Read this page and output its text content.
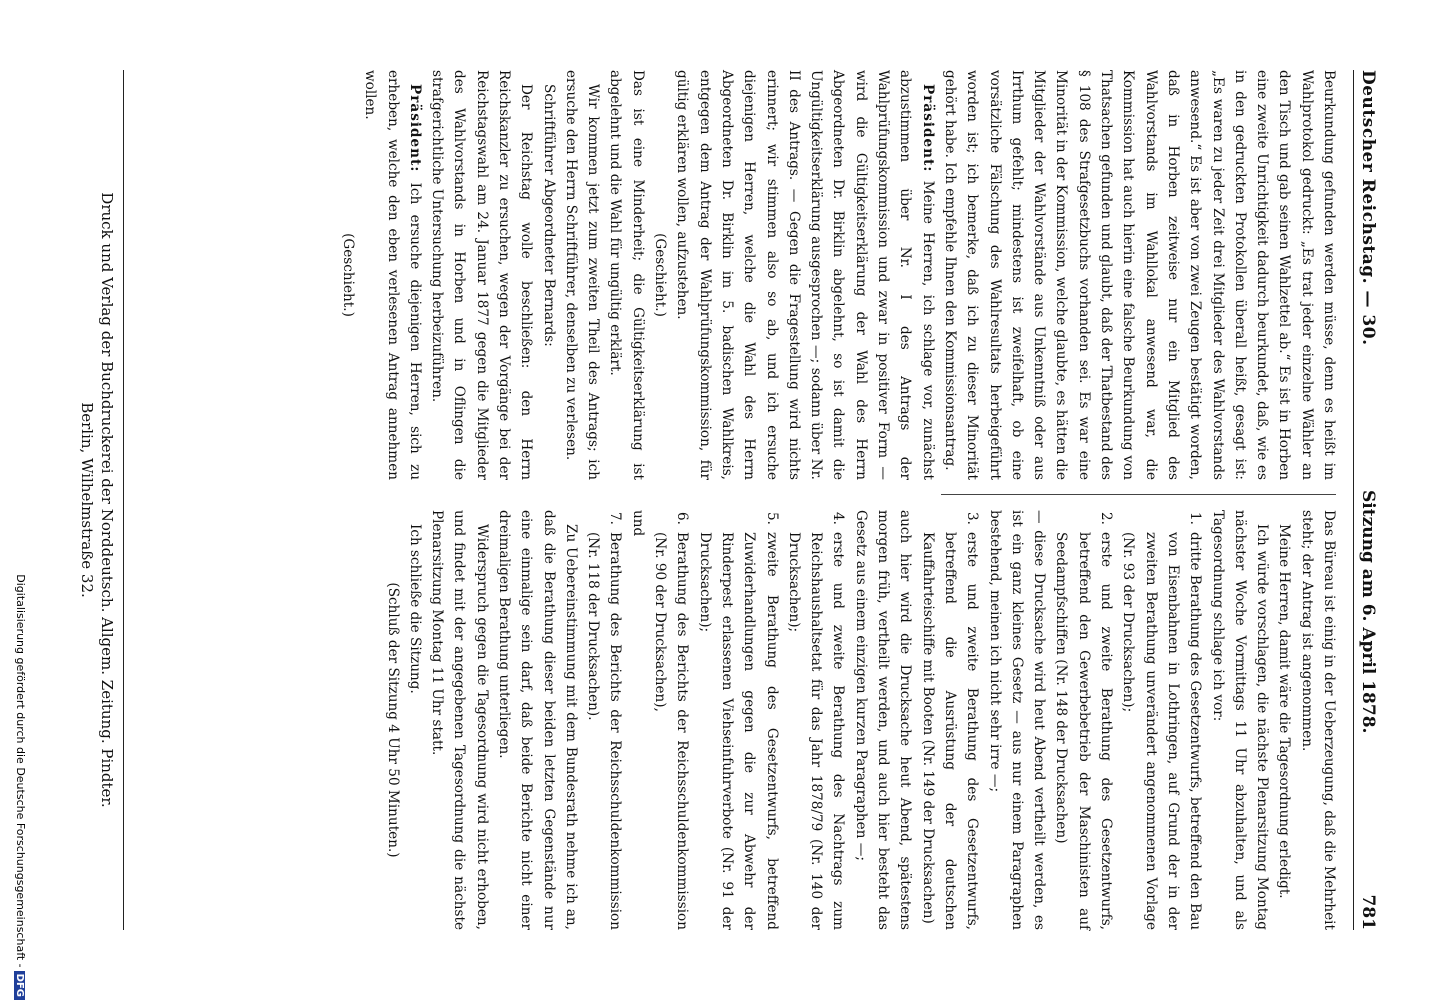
Deutscher Reichstag. — 30.
Sitzung am 6. April 1878.
781

Beurkundung gefunden werden müsse, denn es heißt im Wahlprotokol gedruckt: „Es trat jeder einzelne Wähler an den Tisch und gab seinen Wahlzettel ab.“ Es ist in Horben eine zweite Unrichtigkeit dadurch beurkundet, daß, wie es in den gedruckten Protokollen überall heißt, gesagt ist: „Es waren zu jeder Zeit drei Mitglieder des Wahlvorstands anwesend.“ Es ist aber von zwei Zeugen bestätigt worden, daß in Horben zeitweise nur ein Mitglied des Wahlvorstands im Wahllokal anwesend war, die Kommission hat auch hierin eine falsche Beurkundung von Thatsachen gefunden und glaubt, daß der Thatbestand des § 108 des Strafgesetzbuchs vorhanden sei. Es war eine Minorität in der Kommission, welche glaubte, es hätten die Mitglieder der Wahlvorstände aus Unkenntniß oder aus Irrthum gefehlt; mindestens ist zweifelhaft, ob eine vorsätzliche Fälschung des Wahlresultats herbeigeführt worden ist; ich bemerke, daß ich zu dieser Minorität gehört habe. Ich empfehle Ihnen den Kommissionsantrag.

Präsident: Meine Herren, ich schlage vor, zunächst abzustimmen über Nr. I des Antrags der Wahlprüfungskommission und zwar in positiver Form — wird die Gültigkeitserklärung der Wahl des Herrn Abgeordneten Dr. Birklin abgelehnt, so ist damit die Ungültigkeitserklärung ausgesprochen —; sodann über Nr. II des Antrags. — Gegen die Fragestellung wird nichts erinnert; wir stimmen also so ab, und ich ersuche diejenigen Herren, welche die Wahl des Herrn Abgeordneten Dr. Birklin im 5. badischen Wahlkreis, entgegen dem Antrag der Wahlprüfungskommission, für gültig erklären wollen, aufzustehen.

(Geschieht.)

Das ist eine Minderheit; die Gültigkeitserklärung ist abgelehnt und die Wahl für ungültig erklärt.

Wir kommen jetzt zum zweiten Theil des Antrags; ich ersuche den Herrn Schriftführer, denselben zu verlesen.

Schriftführer Abgeordneter Bernards:

Der Reichstag wolle beschließen: den Herrn Reichskanzler zu ersuchen, wegen der Vorgänge bei der Reichstagswahl am 24. Januar 1877 gegen die Mitglieder des Wahlvorstands in Horben und in Oflingen die strafgerichtliche Untersuchung herbeizuführen.

Präsident: Ich ersuche diejenigen Herren, sich zu erheben, welche den eben verlesenen Antrag annehmen wollen.

(Geschieht.)

Das Büreau ist einig in der Ueberzeugung, daß die Mehrheit steht; der Antrag ist angenommen.

Meine Herren, damit wäre die Tagesordnung erledigt.

Ich würde vorschlagen, die nächste Plenarsitzung Montag nächster Woche Vormittags 11 Uhr abzuhalten, und als Tagesordnung schlage ich vor:

1.
dritte Berathung des Gesetzentwurfs, betreffend den Bau von Eisenbahnen in Lothringen, auf Grund der in der zweiten Berathung unverändert angenommenen Vorlage (Nr. 93 der Drucksachen);

2.
erste und zweite Berathung des Gesetzentwurfs, betreffend den Gewerbebetrieb der Maschinisten auf Seedampfschiffen (Nr. 148 der Drucksachen)

— diese Drucksache wird heut Abend vertheilt werden, es ist ein ganz kleines Gesetz — aus nur einem Paragraphen bestehend, meinen ich nicht sehr irre —;

3.
erste und zweite Berathung des Gesetzentwurfs, betreffend die Ausrüstung der deutschen Kauffahrteischiffe mit Booten (Nr. 149 der Drucksachen)

auch hier wird die Drucksache heut Abend, spätestens morgen früh, vertheilt werden, und auch hier besteht das Gesetz aus einem einzigen kurzen Paragraphen —;

4.
erste und zweite Berathung des Nachtrags zum Reichshaushaltsetat für das Jahr 1878/79 (Nr. 140 der Drucksachen);

5.
zweite Berathung des Gesetzentwurfs, betreffend Zuwiderhandlungen gegen die zur Abwehr der Rinderpest erlassenen Viehseinfuhrverbote (Nr. 91 der Drucksachen);

6.
Berathung des Berichts der Reichsschuldenkommission (Nr. 90 der Drucksachen),

und

7.
Berathung des Berichts der Reichsschuldenkommission (Nr. 118 der Drucksachen).

Zu Uebereinstimmung mit dem Bundesrath nehme ich an, daß die Berathung dieser beiden letzten Gegenstände nur eine einmalige sein darf, daß beide Berichte nicht einer dreimaligen Berathung unterliegen.

Widerspruch gegen die Tagesordnung wird nicht erhoben, und findet mit der angegebenen Tagesordnung die nächste Plenarsitzung Montag 11 Uhr statt.

Ich schließe die Sitzung.

(Schluß der Sitzung 4 Uhr 50 Minuten.)

Druck und Verlag der Buchdruckerei der Norddeutsch. Allgem. Zeitung. Pindter.
Berlin, Wilhelmstraße 32.
Digitalisierung gefördert durch die Deutsche Forschungsgemeinschaft -DFG
